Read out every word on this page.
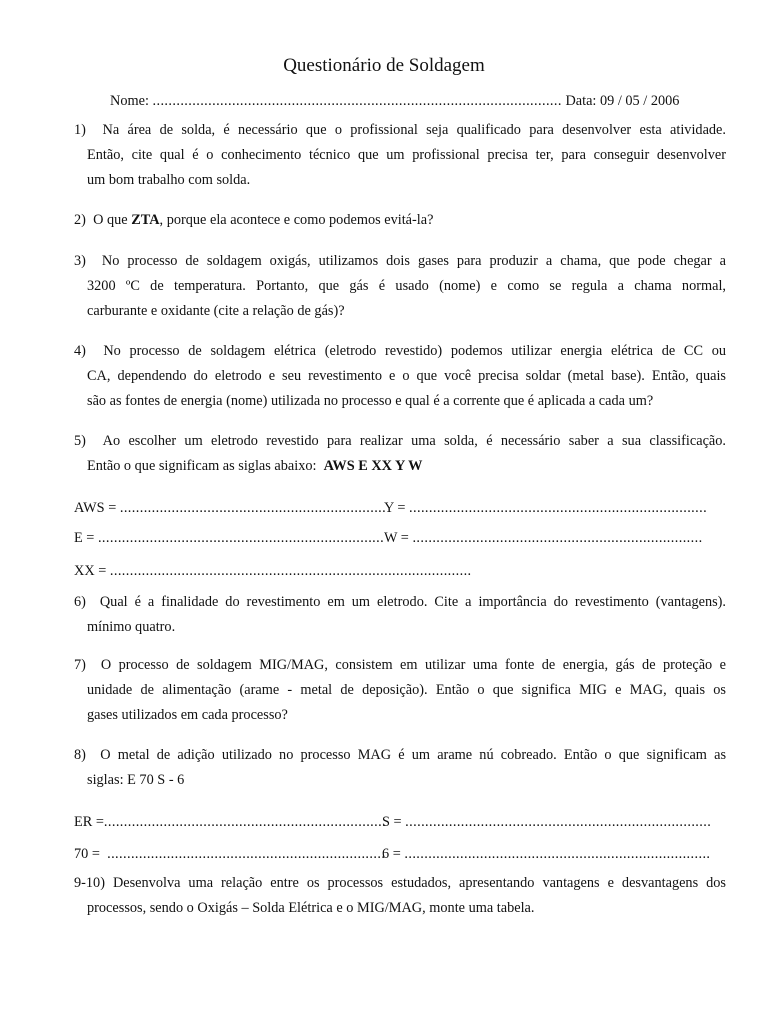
Questionário de Soldagem
Nome: ....................................................................................................... Data: 09 / 05 / 2006
1) Na área de solda, é necessário que o profissional seja qualificado para desenvolver esta atividade.
Então, cite qual é o conhecimento técnico que um profissional precisa ter, para conseguir desenvolver
um bom trabalho com solda.
2) O que ZTA, porque ela acontece e como podemos evitá-la?
3) No processo de soldagem oxigás, utilizamos dois gases para produzir a chama, que pode chegar a
3200 ºC de temperatura. Portanto, que gás é usado (nome) e como se regula a chama normal,
carburante e oxidante (cite a relação de gás)?
4) No processo de soldagem elétrica (eletrodo revestido) podemos utilizar energia elétrica de CC ou
CA, dependendo do eletrodo e seu revestimento e o que você precisa soldar (metal base). Então, quais
são as fontes de energia (nome) utilizada no processo e qual é a corrente que é aplicada a cada um?
5) Ao escolher um eletrodo revestido para realizar uma solda, é necessário saber a sua classificação.
Então o que significam as siglas abaixo: AWS E XX Y W
AWS = ...................................................................
Y = ...........................................................................
E = ........................................................................ W = .........................................................................
XX = ...........................................................................................
6) Qual é a finalidade do revestimento em um eletrodo. Cite a importância do revestimento (vantagens).
mínimo quatro.
7) O processo de soldagem MIG/MAG, consistem em utilizar uma fonte de energia, gás de proteção e
unidade de alimentação (arame - metal de deposição). Então o que significa MIG e MAG, quais os
gases utilizados em cada processo?
8) O metal de adição utilizado no processo MAG é um arame nú cobreado. Então o que significam as
siglas: E 70 S - 6
ER =.......................................................................
S = .............................................................................
70 = ......................................................................
6 = .............................................................................
9-10) Desenvolva uma relação entre os processos estudados, apresentando vantagens e desvantagens dos
processos, sendo o Oxigás – Solda Elétrica e o MIG/MAG, monte uma tabela.
